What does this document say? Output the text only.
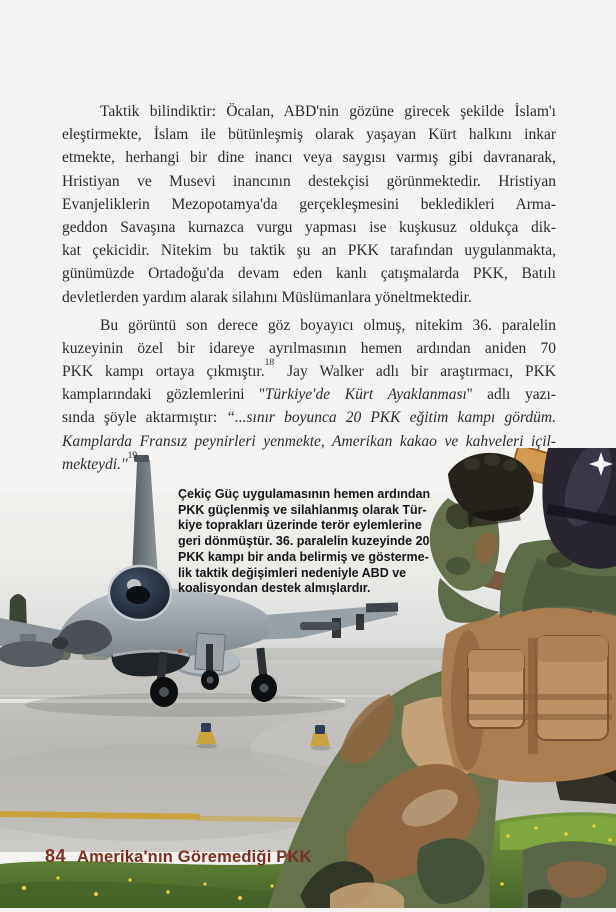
Taktik bilindiktir: Öcalan, ABD'nin gözüne girecek şekilde İslam'ı
eleştirmekte, İslam ile bütünleşmiş olarak yaşayan Kürt halkını inkar
etmekte, herhangi bir dine inancı veya saygısı varmış gibi davranarak,
Hristiyan ve Musevi inancının destekçisi görünmektedir. Hristiyan
Evanjeliklerin Mezopotamya'da gerçekleşmesini bekledikleri Arma-
geddon Savaşına kurnazca vurgu yapması ise kuşkusuz oldukça dik-
kat çekicidir. Nitekim bu taktik şu an PKK tarafından uygulanmakta,
günümüzde Ortadoğu'da devam eden kanlı çatışmalarda PKK, Batılı
devletlerden yardım alarak silahını Müslümanlara yöneltmektedir.
Bu görüntü son derece göz boyayıcı olmuş, nitekim 36. paralelin
kuzeyinin özel bir idareye ayrılmasının hemen ardından aniden 70
PKK kampı ortaya çıkmıştır.$^{18}$ Jay Walker adlı bir araştırmacı, PKK
kamplarındaki gözlemlerini ''Türkiye'de Kürt Ayaklanması'' adlı yazı-
sında şöyle aktarmıştır: “...sınır boyunca 20 PKK eğitim kampı gördüm.
Kamplarda Fransız peynirleri yenmekte, Amerikan kakao ve kahveleri içil-
mekteydi.''$^{19}$
Çekiç Güç uygulamasının hemen ardından
PKK güçlenmiş ve silahlanmış olarak Tür-
kiye toprakları üzerinde terör eylemlerine
geri dönmüştür. 36. paralelin kuzeyinde 20
PKK kampı bir anda belirmiş ve gösterme-
lik taktik değişimleri nedeniyle ABD ve
koalisyondan destek almışlardır.
84 Amerika'nın Göremediği PKK
